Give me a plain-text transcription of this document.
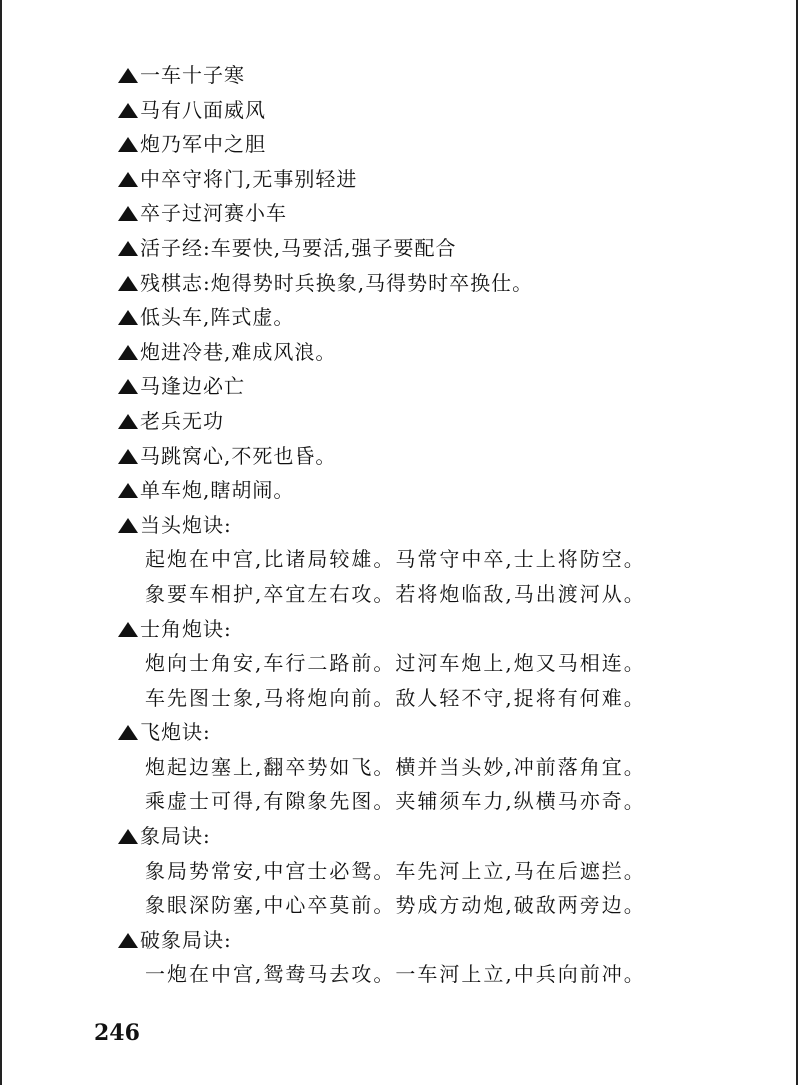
一车十子寒
马有八面威风
炮乃军中之胆
中卒守将门,无事别轻进
卒子过河赛小车
活子经:车要快,马要活,强子要配合
残棋志:炮得势时兵换象,马得势时卒换仕。
低头车,阵式虚。
炮进冷巷,难成风浪。
马逢边必亡
老兵无功
马跳窝心,不死也昏。
单车炮,瞎胡闹。
当头炮诀:
起炮在中宫,比诸局较雄。马常守中卒,士上将防空。
象要车相护,卒宜左右攻。若将炮临敌,马出渡河从。
士角炮诀:
炮向士角安,车行二路前。过河车炮上,炮又马相连。
车先图士象,马将炮向前。敌人轻不守,捉将有何难。
飞炮诀:
炮起边塞上,翻卒势如飞。横并当头妙,冲前落角宜。
乘虚士可得,有隙象先图。夹辅须车力,纵横马亦奇。
象局诀:
象局势常安,中宫士必鸳。车先河上立,马在后遮拦。
象眼深防塞,中心卒莫前。势成方动炮,破敌两旁边。
破象局诀:
一炮在中宫,鸳鸯马去攻。一车河上立,中兵向前冲。
246
